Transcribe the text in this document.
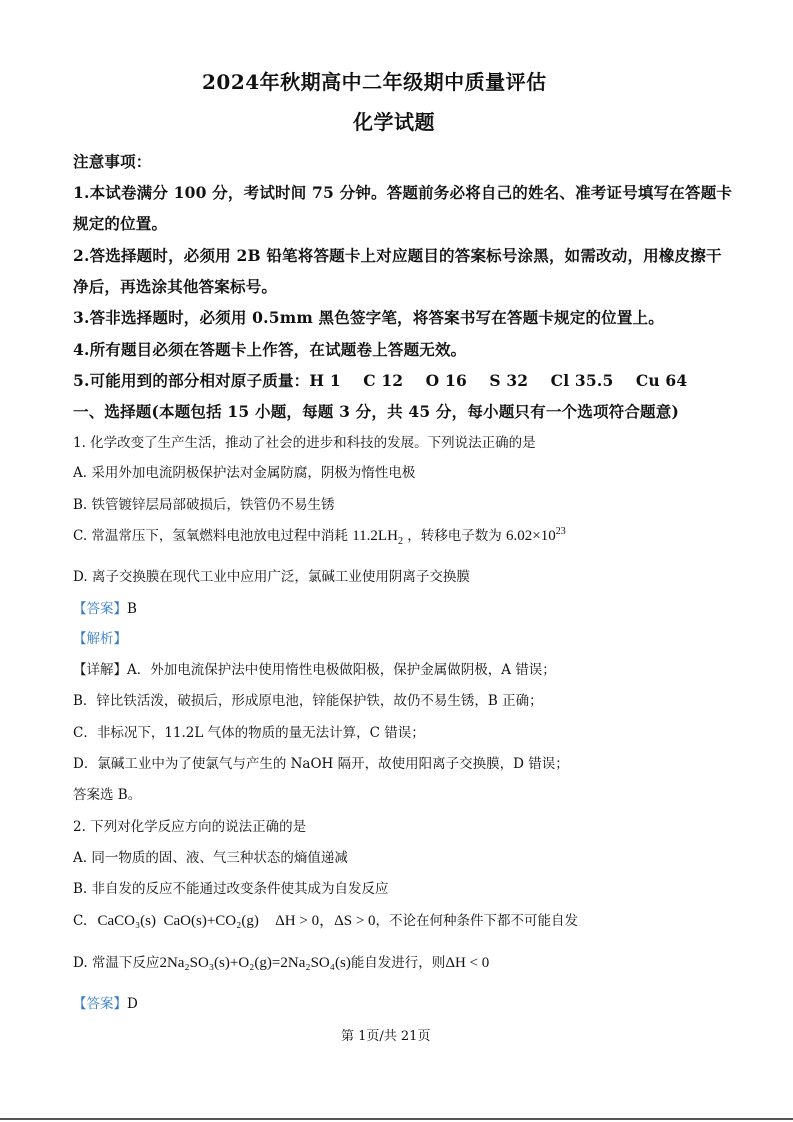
2024年秋期高中二年级期中质量评估
化学试题
注意事项：
1.本试卷满分 100 分，考试时间 75 分钟。答题前务必将自己的姓名、准考证号填写在答题卡
规定的位置。
2.答选择题时，必须用 2B 铅笔将答题卡上对应题目的答案标号涂黑，如需改动，用橡皮擦干
净后，再选涂其他答案标号。
3.答非选择题时，必须用 0.5mm 黑色签字笔，将答案书写在答题卡规定的位置上。
4.所有题目必须在答题卡上作答，在试题卷上答题无效。
5.可能用到的部分相对原子质量：H 1    C 12    O 16    S 32    Cl 35.5    Cu 64
一、选择题(本题包括 15 小题，每题 3 分，共 45 分，每小题只有一个选项符合题意)
1. 化学改变了生产生活，推动了社会的进步和科技的发展。下列说法正确的是
A. 采用外加电流阴极保护法对金属防腐，阴极为惰性电极
B. 铁管镀锌层局部破损后，铁管仍不易生锈
C. 常温常压下，氢氧燃料电池放电过程中消耗 $11.2LH_2$ ，转移电子数为 $6.02\times 10^{23}$
D. 离子交换膜在现代工业中应用广泛，氯碱工业使用阴离子交换膜
【答案】B
【解析】
【详解】A．外加电流保护法中使用惰性电极做阳极，保护金属做阴极，A 错误；
B．锌比铁活泼，破损后，形成原电池，锌能保护铁，故仍不易生锈，B 正确；
C．非标况下，11.2L 气体的物质的量无法计算，C 错误；
D．氯碱工业中为了使氯气与产生的 NaOH 隔开，故使用阳离子交换膜，D 错误；
答案选 B。
2. 下列对化学反应方向的说法正确的是
A. 同一物质的固、液、气三种状态的熵值递减
B. 非自发的反应不能通过改变条件使其成为自发反应
C. CaCO₃(s)  CaO(s)+CO₂(g) ΔH > 0，ΔS > 0，不论在何种条件下都不可能自发
D. 常温下反应2Na₂SO₃(s)+O₂(g)=2Na₂SO₄(s)能自发进行，则ΔH < 0
【答案】D
第 1页/共 21页
